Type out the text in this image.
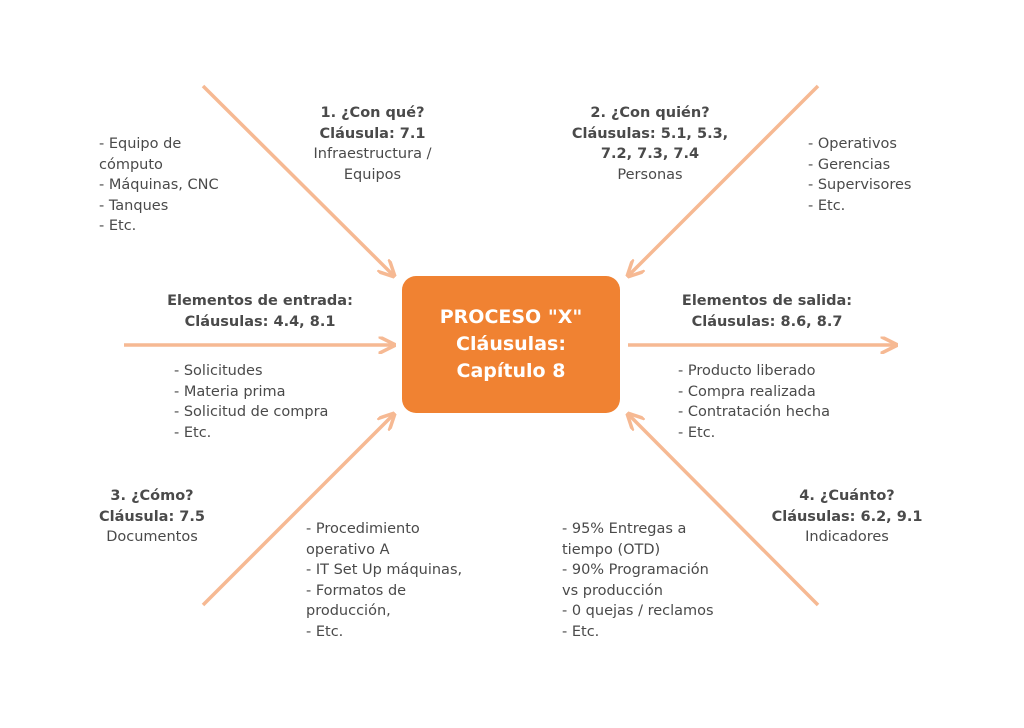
PROCESO "X"
Cláusulas:
Capítulo 8
1. ¿Con qué?
Cláusula: 7.1
Infraestructura /
Equipos
- Equipo de
cómputo
- Máquinas, CNC
- Tanques
- Etc.
2. ¿Con quién?
Cláusulas: 5.1, 5.3,
7.2, 7.3, 7.4
Personas
- Operativos
- Gerencias
- Supervisores
- Etc.
Elementos de entrada:
Cláusulas: 4.4, 8.1
- Solicitudes
- Materia prima
- Solicitud de compra
- Etc.
Elementos de salida:
Cláusulas: 8.6, 8.7
- Producto liberado
- Compra realizada
- Contratación hecha
- Etc.
3. ¿Cómo?
Cláusula: 7.5
Documentos	- Procedimiento
operativo A
- IT Set Up máquinas,
- Formatos de
producción,
- Etc.
4. ¿Cuánto?
Cláusulas: 6.2, 9.1
Indicadores
- 95% Entregas a
tiempo (OTD)
- 90% Programación
vs producción
- 0 quejas / reclamos
- Etc.
